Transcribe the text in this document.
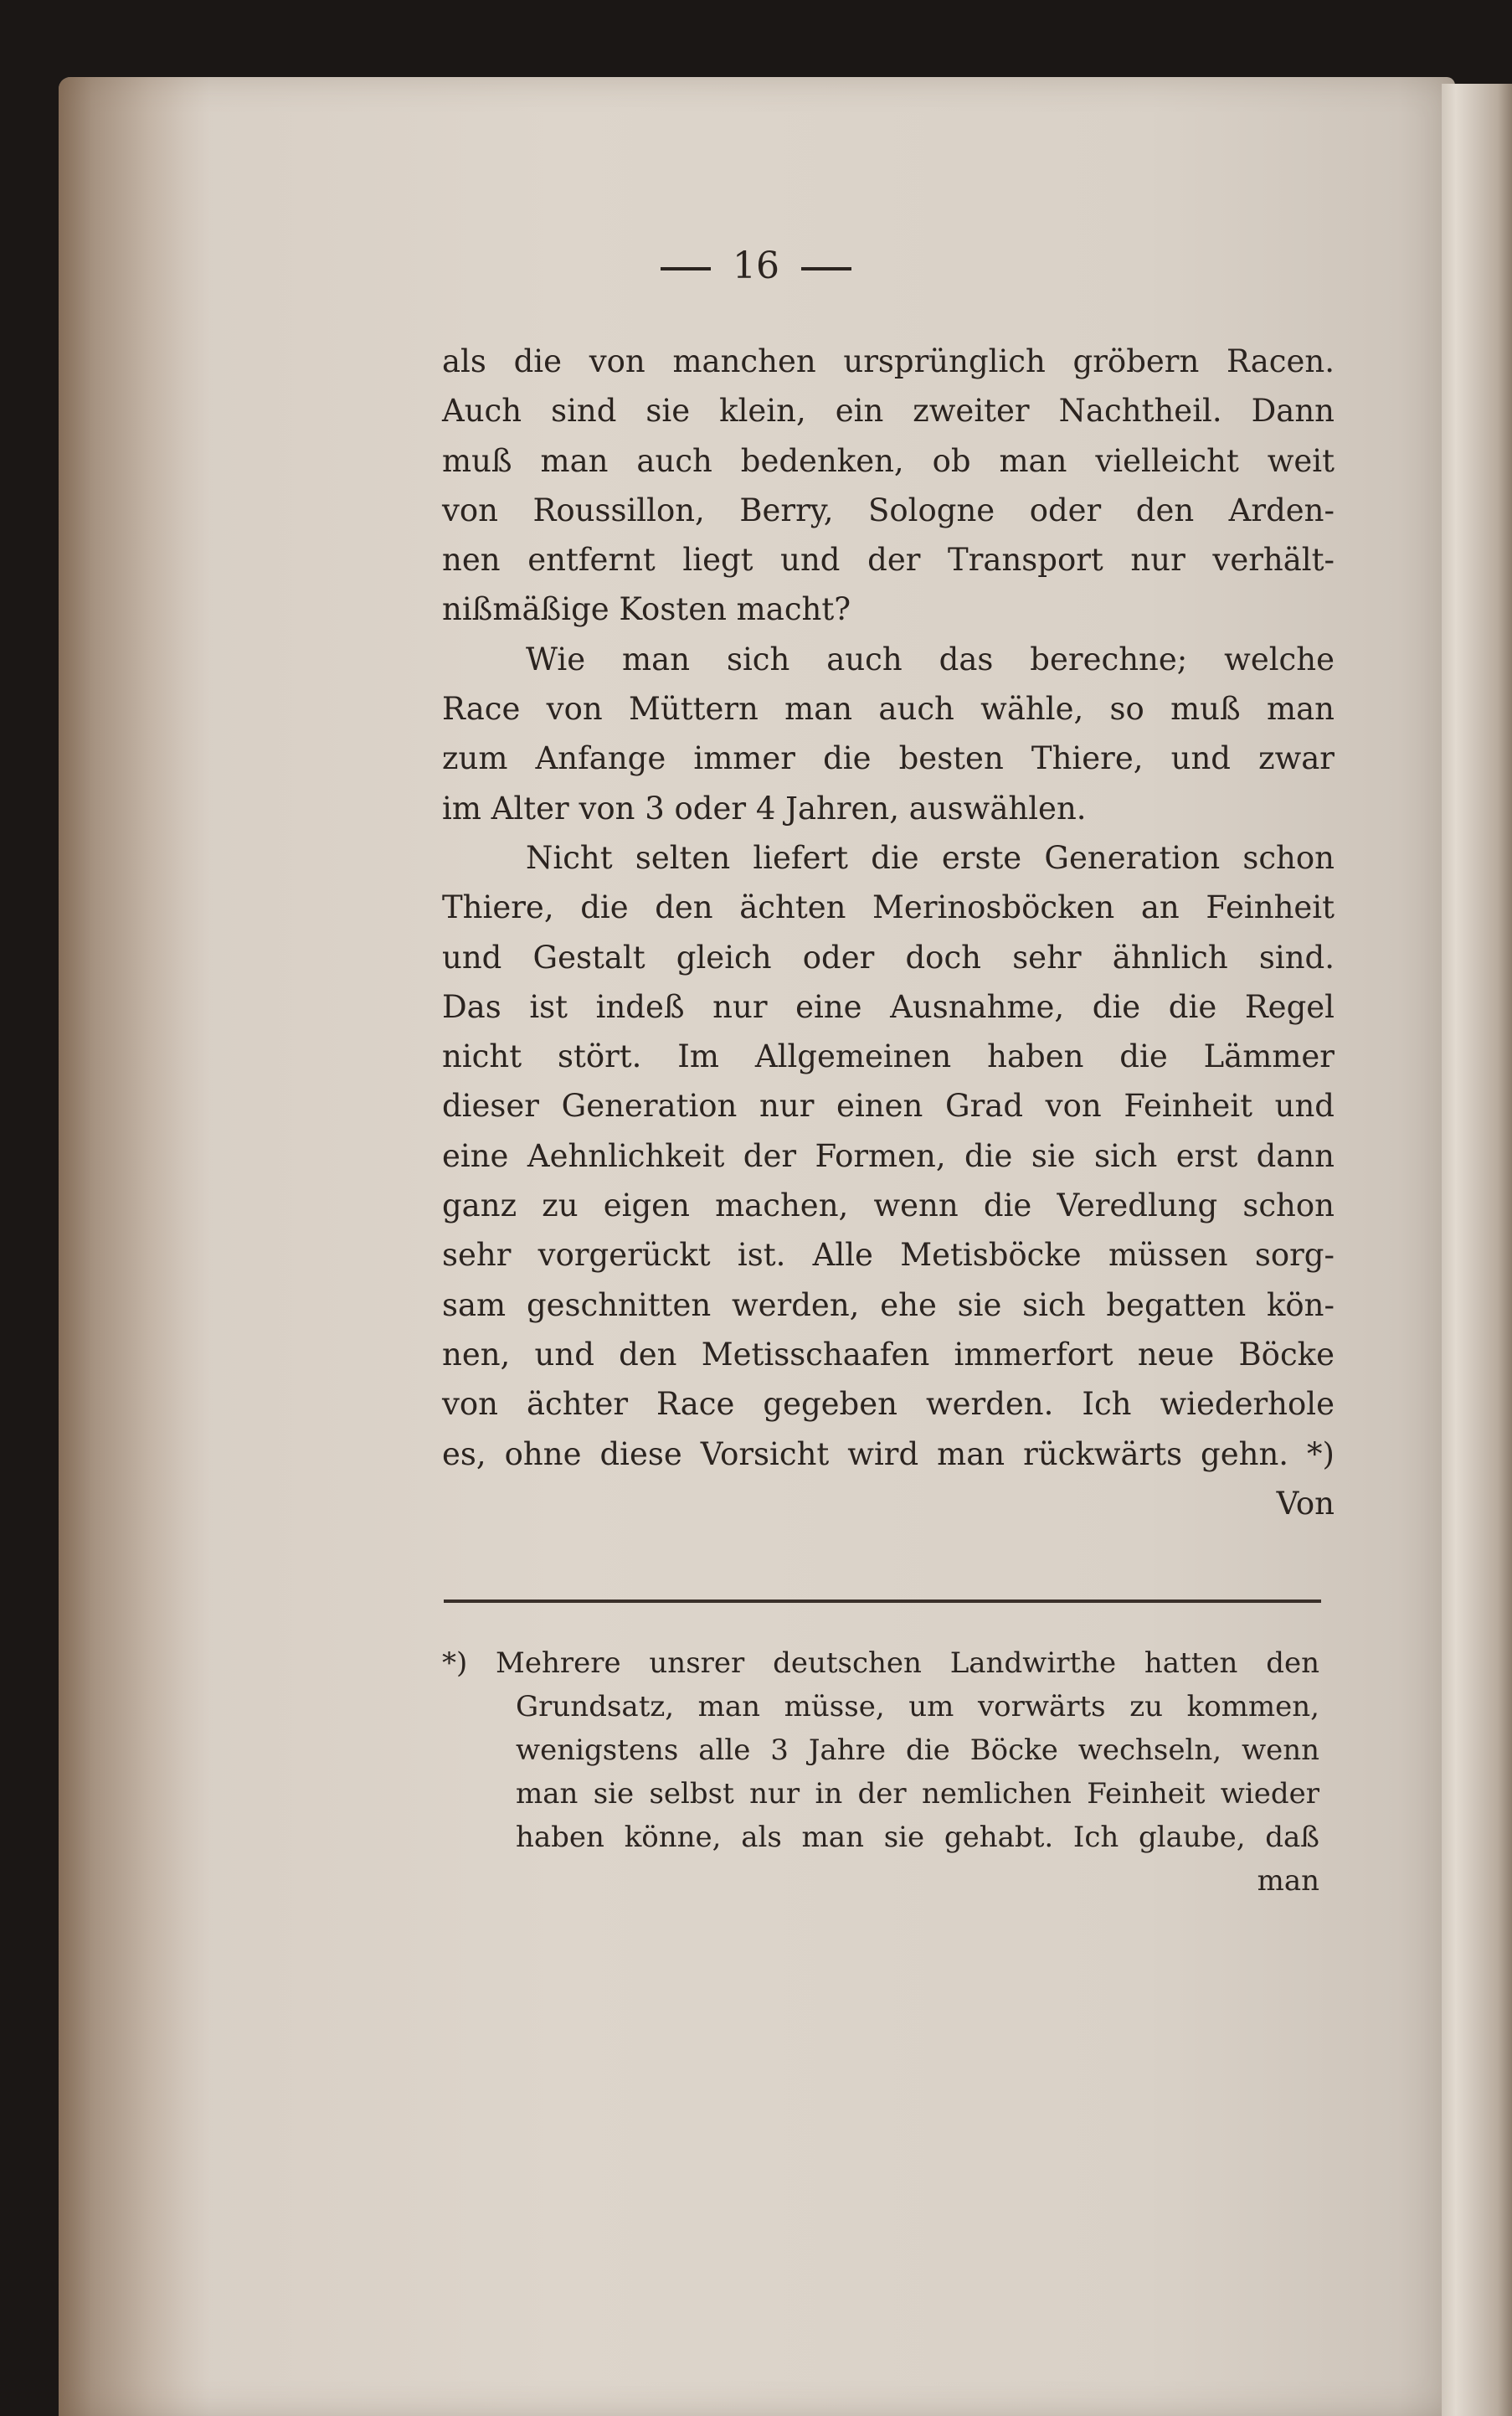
16
als die von manchen ursprünglich gröbern Racen.
Auch sind sie klein, ein zweiter Nachtheil. Dann
muß man auch bedenken, ob man vielleicht weit
von Roussillon, Berry, Sologne oder den Arden-
nen entfernt liegt und der Transport nur verhält-
nißmäßige Kosten macht?
Wie man sich auch das berechne; welche
Race von Müttern man auch wähle, so muß man
zum Anfange immer die besten Thiere, und zwar
im Alter von 3 oder 4 Jahren, auswählen.
Nicht selten liefert die erste Generation schon
Thiere, die den ächten Merinosböcken an Feinheit
und Gestalt gleich oder doch sehr ähnlich sind.
Das ist indeß nur eine Ausnahme, die die Regel
nicht stört. Im Allgemeinen haben die Lämmer
dieser Generation nur einen Grad von Feinheit und
eine Aehnlichkeit der Formen, die sie sich erst dann
ganz zu eigen machen, wenn die Veredlung schon
sehr vorgerückt ist. Alle Metisböcke müssen sorg-
sam geschnitten werden, ehe sie sich begatten kön-
nen, und den Metisschaafen immerfort neue Böcke
von ächter Race gegeben werden. Ich wiederhole
es, ohne diese Vorsicht wird man rückwärts gehn. *)
Von
*) Mehrere unsrer deutschen Landwirthe hatten den
Grundsatz, man müsse, um vorwärts zu kommen,
wenigstens alle 3 Jahre die Böcke wechseln, wenn
man sie selbst nur in der nemlichen Feinheit wieder
haben könne, als man sie gehabt. Ich glaube, daß
man
